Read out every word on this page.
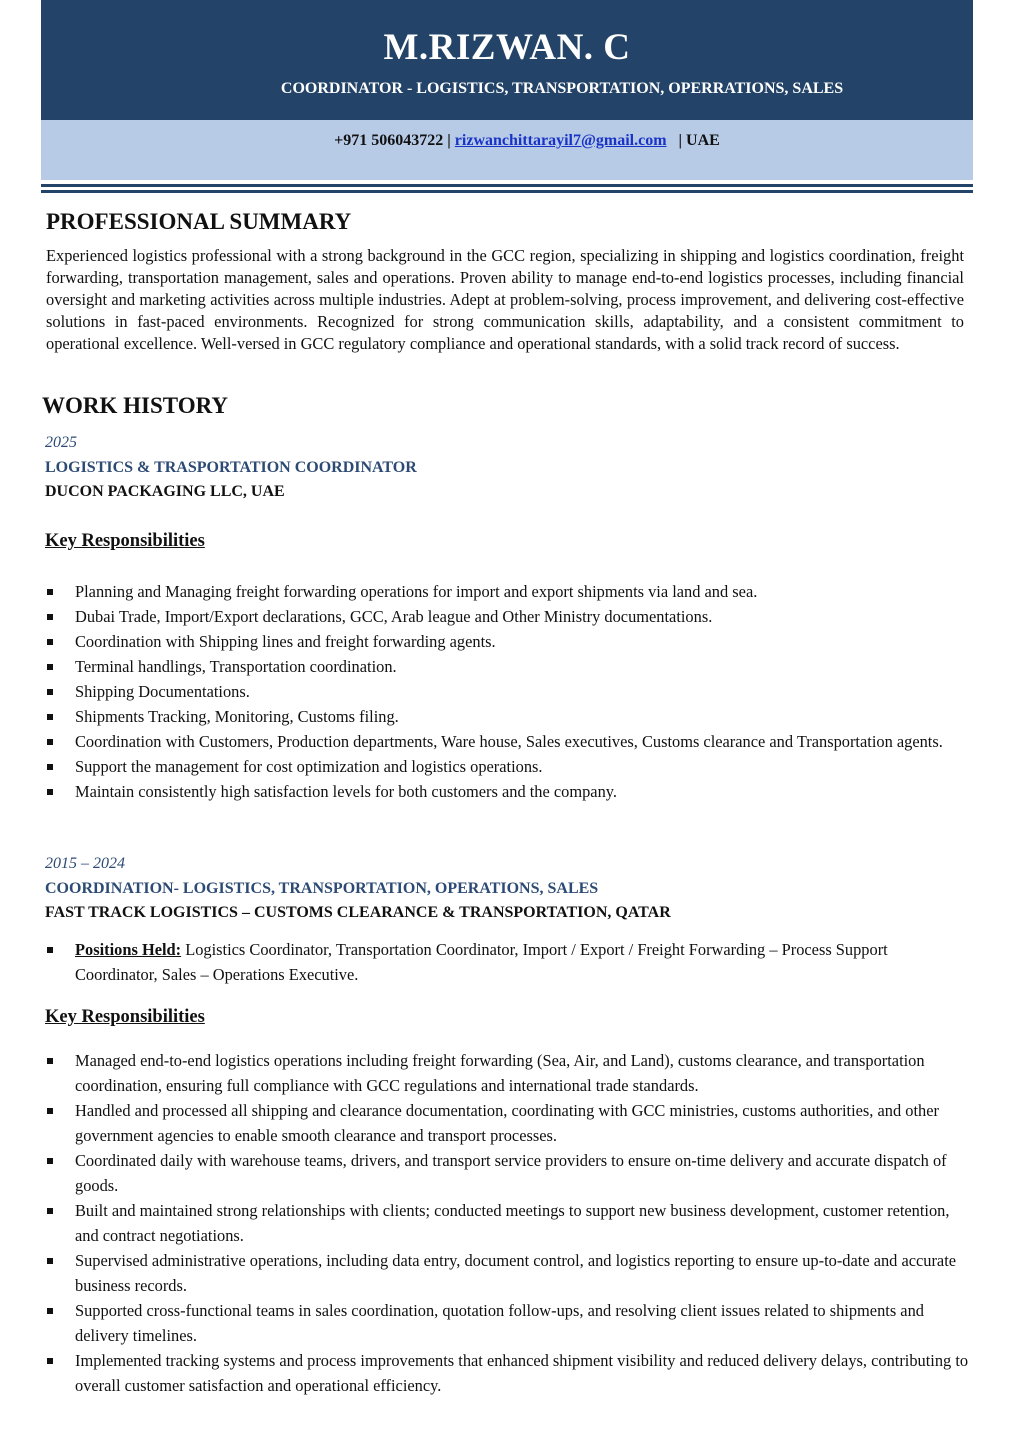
M.RIZWAN. C
COORDINATOR - LOGISTICS, TRANSPORTATION, OPERRATIONS, SALES
+971 506043722 | rizwanchittarayil7@gmail.com | UAE
PROFESSIONAL SUMMARY

Experienced logistics professional with a strong background in the GCC region, specializing in shipping and logistics coordination, freight forwarding, transportation management, sales and operations. Proven ability to manage end-to-end logistics processes, including financial oversight and marketing activities across multiple industries. Adept at problem-solving, process improvement, and delivering cost-effective solutions in fast-paced environments. Recognized for strong communication skills, adaptability, and a consistent commitment to operational excellence. Well-versed in GCC regulatory compliance and operational standards, with a solid track record of success.

WORK HISTORY
2025
LOGISTICS & TRASPORTATION COORDINATOR
DUCON PACKAGING LLC, UAE
Key Responsibilities
Planning and Managing freight forwarding operations for import and export shipments via land and sea.
Dubai Trade, Import/Export declarations, GCC, Arab league and Other Ministry documentations.
Coordination with Shipping lines and freight forwarding agents.
Terminal handlings, Transportation coordination.
Shipping Documentations.
Shipments Tracking, Monitoring, Customs filing.
Coordination with Customers, Production departments, Ware house, Sales executives, Customs clearance and Transportation agents.
Support the management for cost optimization and logistics operations.
Maintain consistently high satisfaction levels for both customers and the company.
2015 – 2024
COORDINATION- LOGISTICS, TRANSPORTATION, OPERATIONS, SALES
FAST TRACK LOGISTICS – CUSTOMS CLEARANCE & TRANSPORTATION, QATAR
Positions Held: Logistics Coordinator, Transportation Coordinator, Import / Export / Freight Forwarding – Process Support Coordinator, Sales – Operations Executive.
Key Responsibilities
Managed end-to-end logistics operations including freight forwarding (Sea, Air, and Land), customs clearance, and transportation coordination, ensuring full compliance with GCC regulations and international trade standards.
Handled and processed all shipping and clearance documentation, coordinating with GCC ministries, customs authorities, and other government agencies to enable smooth clearance and transport processes.
Coordinated daily with warehouse teams, drivers, and transport service providers to ensure on-time delivery and accurate dispatch of goods.
Built and maintained strong relationships with clients; conducted meetings to support new business development, customer retention, and contract negotiations.
Supervised administrative operations, including data entry, document control, and logistics reporting to ensure up-to-date and accurate business records.
Supported cross-functional teams in sales coordination, quotation follow-ups, and resolving client issues related to shipments and delivery timelines.
Implemented tracking systems and process improvements that enhanced shipment visibility and reduced delivery delays, contributing to overall customer satisfaction and operational efficiency.
